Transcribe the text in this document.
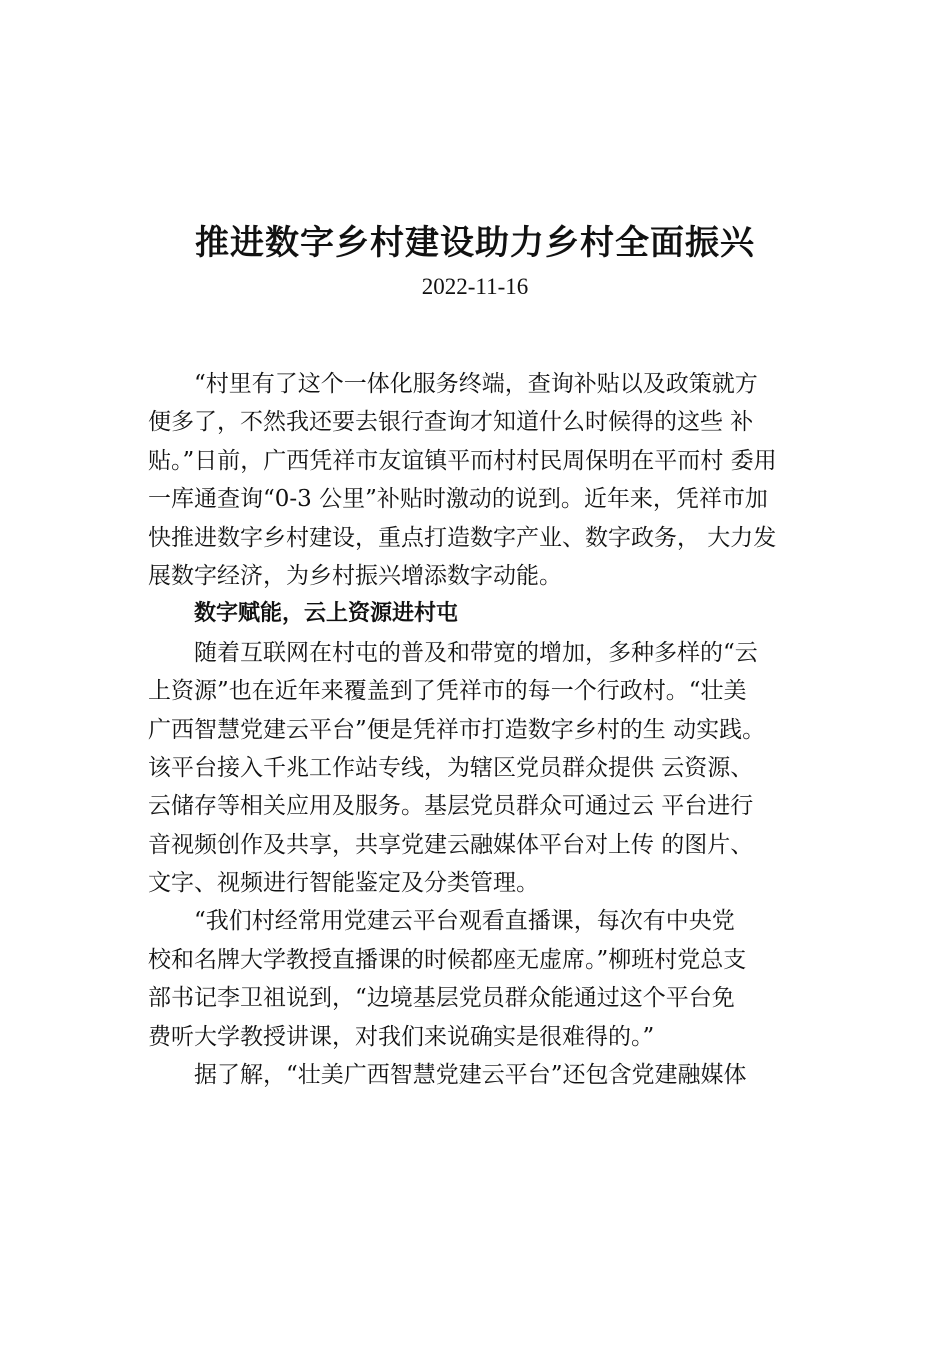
推进数字乡村建设助力乡村全面振兴
2022-11-16
“村里有了这个一体化服务终端，查询补贴以及政策就方
便多了，不然我还要去银行查询才知道什么时候得的这些 补
贴。”日前，广西凭祥市友谊镇平而村村民周保明在平而村 委用
一库通查询“0-3 公里”补贴时激动的说到。近年来，凭祥市加
快推进数字乡村建设，重点打造数字产业、数字政务， 大力发
展数字经济，为乡村振兴增添数字动能。
数字赋能，云上资源进村屯
随着互联网在村屯的普及和带宽的增加，多种多样的“云
上资源”也在近年来覆盖到了凭祥市的每一个行政村。“壮美
广西智慧党建云平台”便是凭祥市打造数字乡村的生 动实践。
该平台接入千兆工作站专线，为辖区党员群众提供 云资源、
云储存等相关应用及服务。基层党员群众可通过云 平台进行
音视频创作及共享，共享党建云融媒体平台对上传 的图片、
文字、视频进行智能鉴定及分类管理。
“我们村经常用党建云平台观看直播课，每次有中央党
校和名牌大学教授直播课的时候都座无虚席。”柳班村党总支
部书记李卫祖说到，“边境基层党员群众能通过这个平台免
费听大学教授讲课，对我们来说确实是很难得的。”
据了解，“壮美广西智慧党建云平台”还包含党建融媒体
